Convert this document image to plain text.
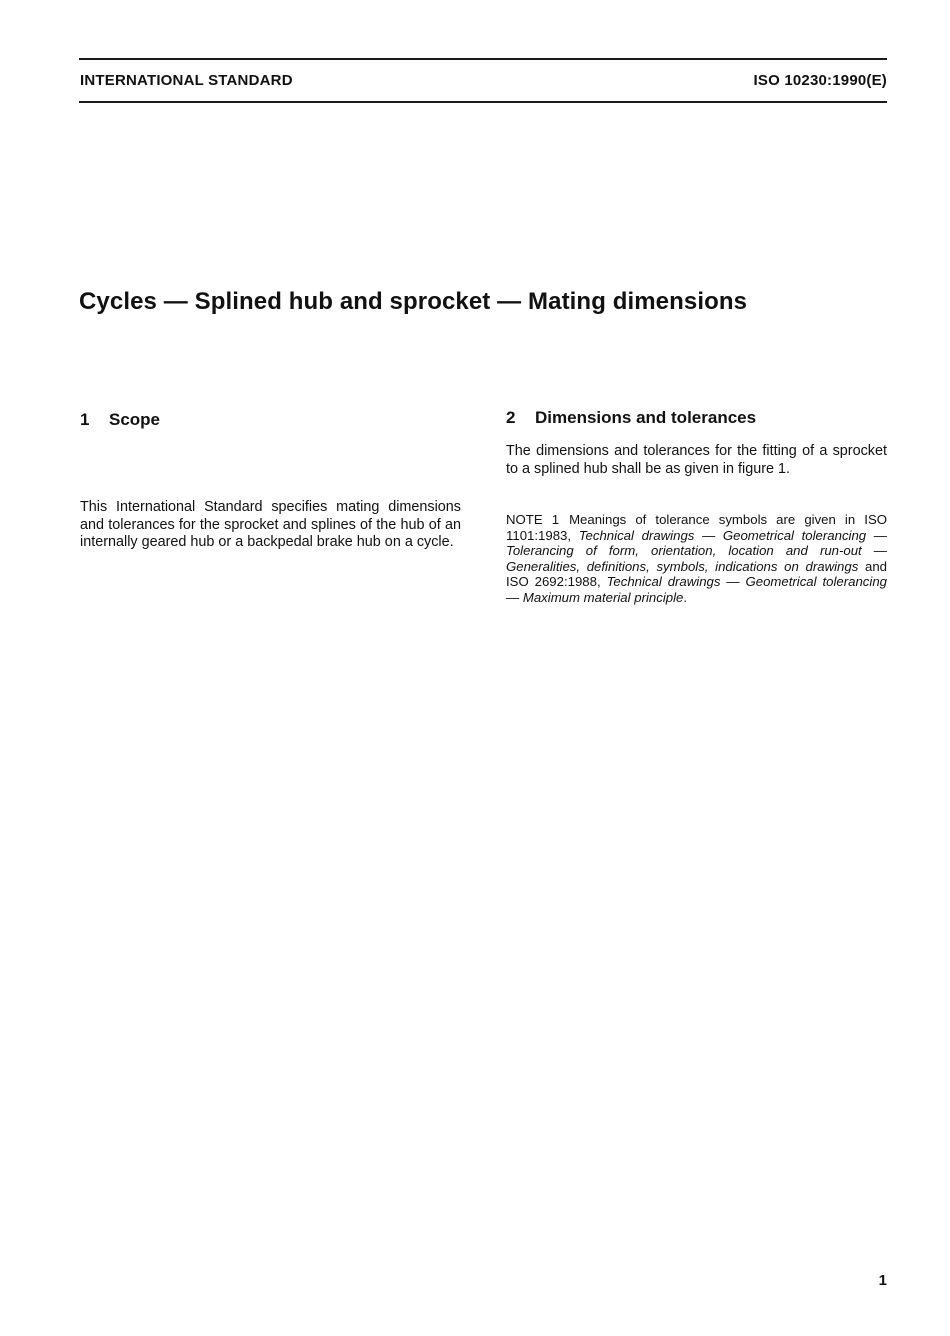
INTERNATIONAL STANDARD	ISO 10230:1990(E)
Cycles — Splined hub and sprocket — Mating dimensions
1 Scope

This International Standard specifies mating dimensions and tolerances for the sprocket and splines of the hub of an internally geared hub or a backpedal brake hub on a cycle.

2 Dimensions and tolerances

The dimensions and tolerances for the fitting of a sprocket to a splined hub shall be as given in figure 1.

NOTE 1 Meanings of tolerance symbols are given in ISO 1101:1983, Technical drawings — Geometrical tolerancing — Tolerancing of form, orientation, location and run-out — Generalities, definitions, symbols, indications on drawings and ISO 2692:1988, Technical drawings — Geometrical tolerancing — Maximum material principle.

1
